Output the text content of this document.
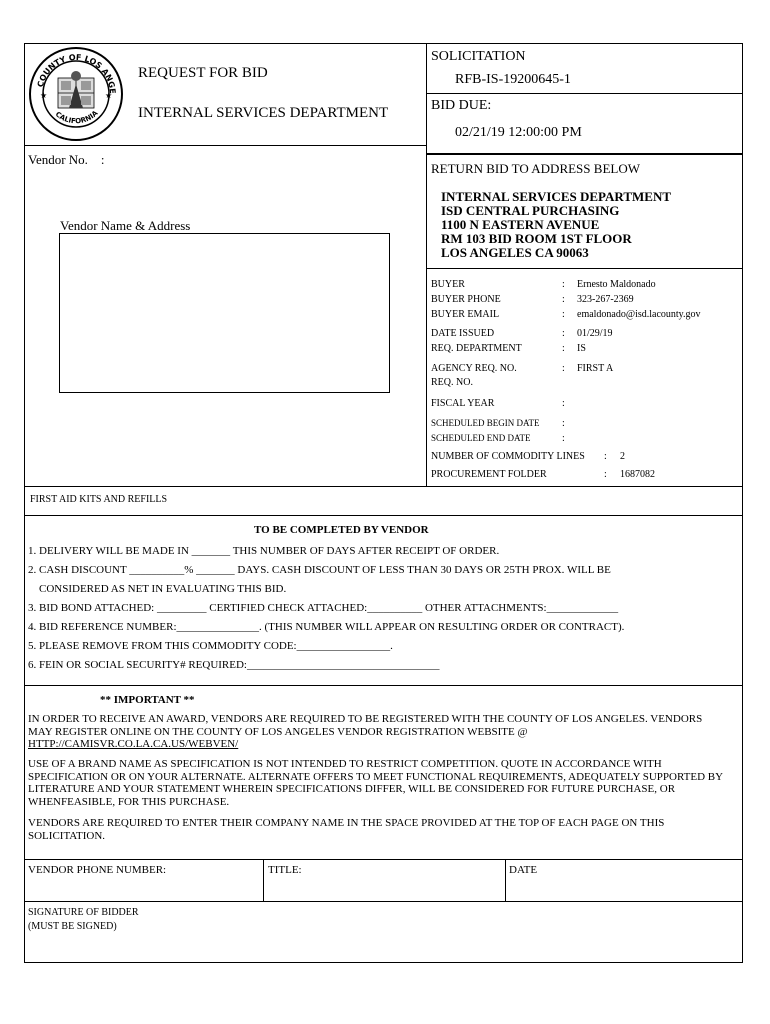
COUNTY OF LOS ANGE
CALIFORNIA
★	★
REQUEST FOR BID
INTERNAL SERVICES DEPARTMENT
SOLICITATION
RFB-IS-19200645-1
BID DUE:
02/21/19 12:00:00 PM
Vendor No.    :
Vendor Name & Address
RETURN BID TO ADDRESS BELOW
INTERNAL SERVICES DEPARTMENT
ISD CENTRAL PURCHASING
1100 N EASTERN AVENUE
RM 103 BID ROOM 1ST FLOOR
LOS ANGELES CA 90063
BUYER	: Ernesto Maldonado
BUYER PHONE	: 323-267-2369
BUYER EMAIL	: emaldonado@isd.lacounty.gov
DATE ISSUED	: 01/29/19
REQ. DEPARTMENT	: IS
AGENCY REQ. NO.	: FIRST A
REQ. NO.
FISCAL YEAR	:
SCHEDULED BEGIN DATE :
SCHEDULED END DATE	:
NUMBER OF COMMODITY LINES : 2
PROCUREMENT FOLDER	: 1687082
FIRST AID KITS AND REFILLS
TO BE COMPLETED BY VENDOR
1. DELIVERY WILL BE MADE IN _______ THIS NUMBER OF DAYS AFTER RECEIPT OF ORDER.
2. CASH DISCOUNT __________% _______ DAYS. CASH DISCOUNT OF LESS THAN 30 DAYS OR 25TH PROX. WILL BE
CONSIDERED AS NET IN EVALUATING THIS BID.
3. BID BOND ATTACHED: _________ CERTIFIED CHECK ATTACHED:__________ OTHER ATTACHMENTS:_____________
4. BID REFERENCE NUMBER:_______________. (THIS NUMBER WILL APPEAR ON RESULTING ORDER OR CONTRACT).
5. PLEASE REMOVE FROM THIS COMMODITY CODE:_________________.
6. FEIN OR SOCIAL SECURITY# REQUIRED:___________________________________
** IMPORTANT **
IN ORDER TO RECEIVE AN AWARD, VENDORS ARE REQUIRED TO BE REGISTERED WITH THE COUNTY OF LOS ANGELES. VENDORS MAY REGISTER ONLINE ON THE COUNTY OF LOS ANGELES VENDOR REGISTRATION WEBSITE @
HTTP://CAMISVR.CO.LA.CA.US/WEBVEN/
USE OF A BRAND NAME AS SPECIFICATION IS NOT INTENDED TO RESTRICT COMPETITION. QUOTE IN ACCORDANCE WITH SPECIFICATION OR ON YOUR ALTERNATE. ALTERNATE OFFERS TO MEET FUNCTIONAL REQUIREMENTS, ADEQUATELY SUPPORTED BY LITERATURE AND YOUR STATEMENT WHEREIN SPECIFICATIONS DIFFER, WILL BE CONSIDERED FOR FUTURE PURCHASE, OR WHENFEASIBLE, FOR THIS PURCHASE.
VENDORS ARE REQUIRED TO ENTER THEIR COMPANY NAME IN THE SPACE PROVIDED AT THE TOP OF EACH PAGE ON THIS SOLICITATION.
VENDOR PHONE NUMBER:	TITLE:	DATE
SIGNATURE OF BIDDER
(MUST BE SIGNED)
